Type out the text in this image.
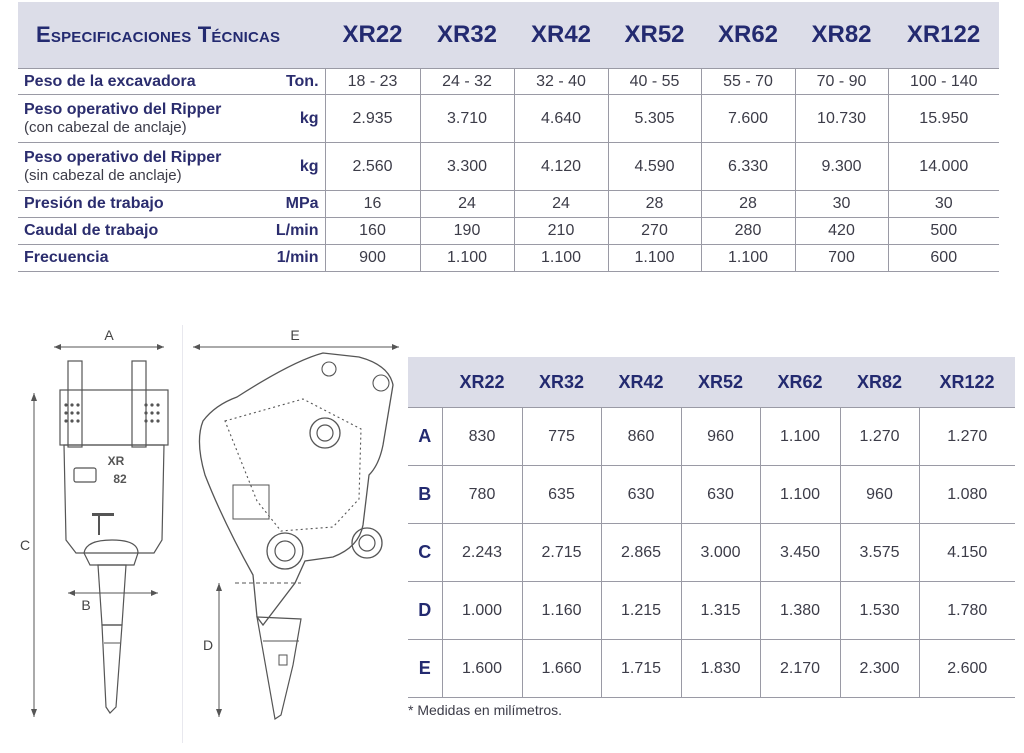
Especificaciones Técnicas		XR22	XR32	XR42	XR52	XR62	XR82	XR122
Peso de la excavadora	Ton.	18 - 23	24 - 32	32 - 40	40 - 55	55 - 70	70 - 90	100 - 140
Peso operativo del Ripper
(con cabezal de anclaje)	kg	2.935	3.710	4.640	5.305	7.600	10.730	15.950
Peso operativo del Ripper
(sin cabezal de anclaje)	kg	2.560	3.300	4.120	4.590	6.330	9.300	14.000
Presión de trabajo	MPa	16	24	24	28	28	30	30
Caudal de trabajo	L/min	160	190	210	270	280	420	500
Frecuencia	1/min	900	1.100	1.100	1.100	1.100	700	600
A
C
XR
82
B
E
D
	XR22	XR32	XR42	XR52	XR62	XR82	XR122
A	830	775	860	960	1.100	1.270	1.270
B	780	635	630	630	1.100	960	1.080
C	2.243	2.715	2.865	3.000	3.450	3.575	4.150
D	1.000	1.160	1.215	1.315	1.380	1.530	1.780
E	1.600	1.660	1.715	1.830	2.170	2.300	2.600
* Medidas en milímetros.
